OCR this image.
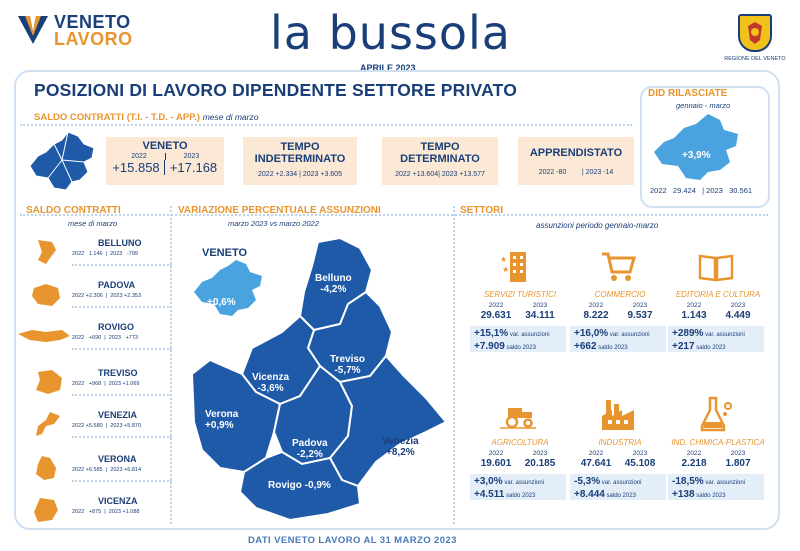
VENETO
LAVORO	la bussola
APRILE 2023
REGIONE DEL VENETO
POSIZIONI DI LAVORO DIPENDENTE SETTORE PRIVATO
SALDO CONTRATTI (T.I. - T.D. - APP.) mese di marzo
VENETO
2022	2023
+15.858 +17.168
TEMPO
INDETERMINATO
2022 +2.334 | 2023 +3.605
TEMPO
DETERMINATO
2022 +13.604| 2023 +13.577
APPRENDISTATO
2022 -80        | 2023 -14
DID RILASCIATE
gennaio - marzo
+3,9%
2022   29.424   | 2023   30.561
SALDO CONTRATTI
mese di marzo
BELLUNO
2022   1.146  |  2023   -799
PADOVA
2022 +2.306  |  2023 +2.353
ROVIGO
2022   +690  |  2023   +773
TREVISO
2022   +968  |  2023 +1.069
VENEZIA
2022 +5.580  |  2023 +5.870
VERONA
2022 +6.585  |  2023 +6.814
VICENZA
2022   +875  |  2023 +1.088
VARIAZIONE PERCENTUALE ASSUNZIONI
marzo 2023 vs marzo 2022
VENETO
+0,6%
Belluno
-4,2%
Treviso
-5,7%
Vicenza
-3,6%
Verona
+0,9%
Padova
-2,2%
Venezia
+8,2%
Rovigo -0,9%
SETTORI
assunzioni periodo gennaio-marzo
★
★
SERVIZI TURISTICI
2022	2023
29.631 34.111
+15,1% var. assunzioni
+7.909 saldo 2023
COMMERCIO
2022	2023
8.222 9.537
+16,0% var. assunzioni
+662 saldo 2023
EDITORIA E CULTURA
2022	2023
1.143 4.449
+289% var. assunzioni
+217 saldo 2023
AGRICOLTURA
2022	2023
19.601 20.185
+3,0% var. assunzioni
+4.511 saldo 2023
INDUSTRIA
2022	2023
47.641 45.108
-5,3% var. assunzioni
+8.444 saldo 2023
IND. CHIMICA-PLASTICA
2022	2023
2.218 1.807
-18,5% var. assunzioni
+138 saldo 2023
DATI VENETO LAVORO AL 31 MARZO 2023
